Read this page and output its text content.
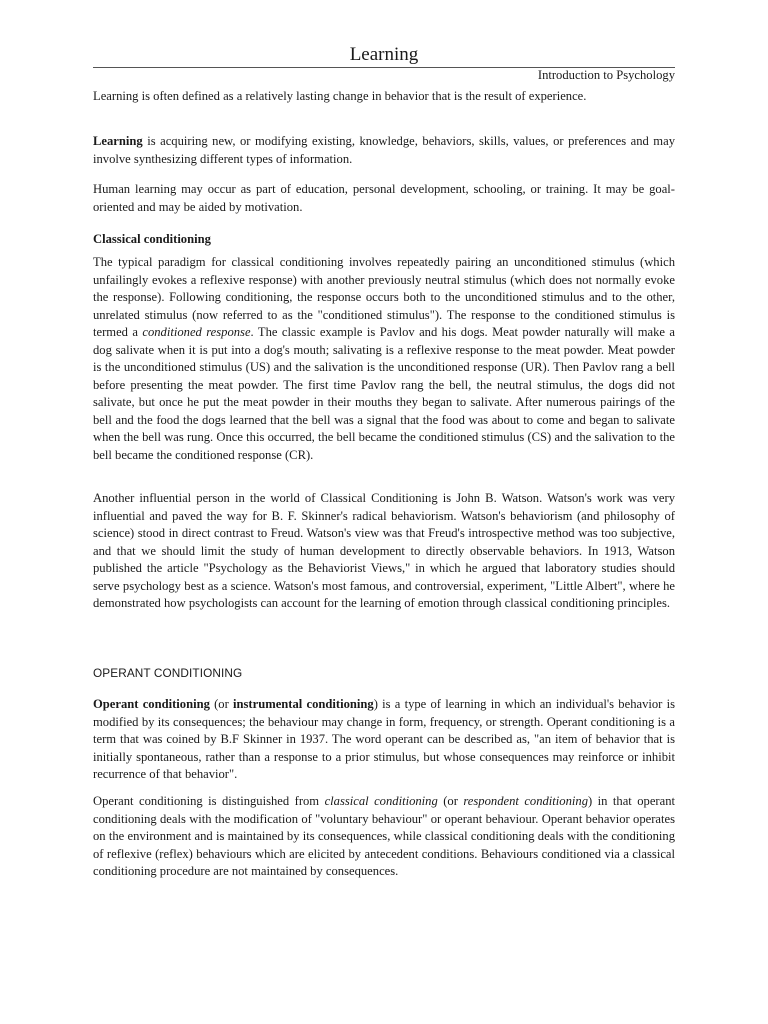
Learning
Introduction to Psychology

Learning is often defined as a relatively lasting change in behavior that is the result of experience.

Learning is acquiring new, or modifying existing, knowledge, behaviors, skills, values, or preferences and may involve synthesizing different types of information.

Human learning may occur as part of education, personal development, schooling, or training. It may be goal-oriented and may be aided by motivation.

Classical conditioning

The typical paradigm for classical conditioning involves repeatedly pairing an unconditioned stimulus (which unfailingly evokes a reflexive response) with another previously neutral stimulus (which does not normally evoke the response). Following conditioning, the response occurs both to the unconditioned stimulus and to the other, unrelated stimulus (now referred to as the "conditioned stimulus"). The response to the conditioned stimulus is termed a conditioned response. The classic example is Pavlov and his dogs. Meat powder naturally will make a dog salivate when it is put into a dog's mouth; salivating is a reflexive response to the meat powder. Meat powder is the unconditioned stimulus (US) and the salivation is the unconditioned response (UR). Then Pavlov rang a bell before presenting the meat powder. The first time Pavlov rang the bell, the neutral stimulus, the dogs did not salivate, but once he put the meat powder in their mouths they began to salivate. After numerous pairings of the bell and the food the dogs learned that the bell was a signal that the food was about to come and began to salivate when the bell was rung. Once this occurred, the bell became the conditioned stimulus (CS) and the salivation to the bell became the conditioned response (CR).

Another influential person in the world of Classical Conditioning is John B. Watson. Watson's work was very influential and paved the way for B. F. Skinner's radical behaviorism. Watson's behaviorism (and philosophy of science) stood in direct contrast to Freud. Watson's view was that Freud's introspective method was too subjective, and that we should limit the study of human development to directly observable behaviors. In 1913, Watson published the article "Psychology as the Behaviorist Views," in which he argued that laboratory studies should serve psychology best as a science. Watson's most famous, and controversial, experiment, "Little Albert", where he demonstrated how psychologists can account for the learning of emotion through classical conditioning principles.

OPERANT CONDITIONING

Operant conditioning (or instrumental conditioning) is a type of learning in which an individual's behavior is modified by its consequences; the behaviour may change in form, frequency, or strength. Operant conditioning is a term that was coined by B.F Skinner in 1937. The word operant can be described as, "an item of behavior that is initially spontaneous, rather than a response to a prior stimulus, but whose consequences may reinforce or inhibit recurrence of that behavior".

Operant conditioning is distinguished from classical conditioning (or respondent conditioning) in that operant conditioning deals with the modification of "voluntary behaviour" or operant behaviour. Operant behavior operates on the environment and is maintained by its consequences, while classical conditioning deals with the conditioning of reflexive (reflex) behaviours which are elicited by antecedent conditions. Behaviours conditioned via a classical conditioning procedure are not maintained by consequences.
